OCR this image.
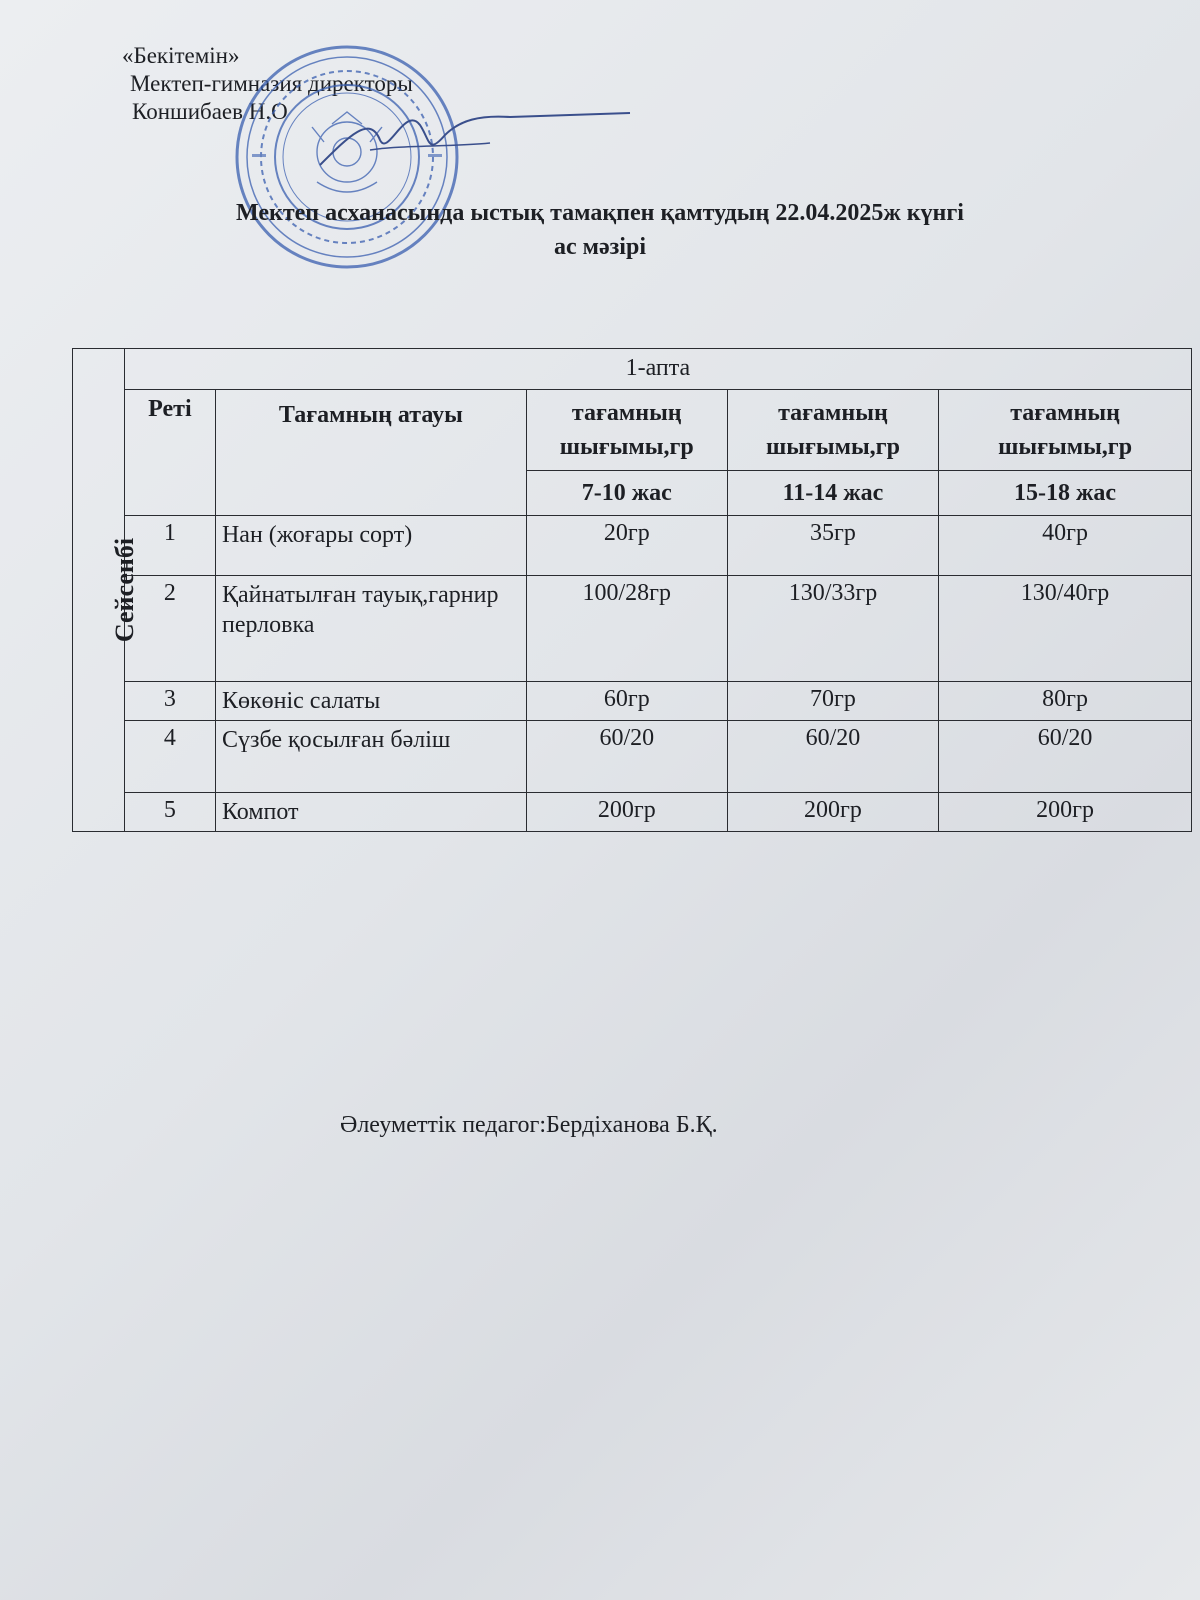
«Бекітемін»
Мектеп-гимназия директоры
Коншибаев Н.О
Мектеп асханасында ыстық тамақпен қамтудың 22.04.2025ж күнгі
ас мәзірі
Сейсенбі	1-апта				
	Реті	Тағамның атауы	тағамның шығымы,гр	тағамның шығымы,гр	тағамның шығымы,гр
			7-10 жас	11-14 жас	15-18 жас
	1	Нан (жоғары сорт)	20гр	35гр	40гр
	2	Қайнатылған тауық,гарнир перловка	100/28гр	130/33гр	130/40гр
	3	Көкөніс салаты	60гр	70гр	80гр
	4	Сүзбе қосылған бәліш	60/20	60/20	60/20
	5	Компот	200гр	200гр	200гр
Әлеуметтік педагог:Бердіханова Б.Қ.
